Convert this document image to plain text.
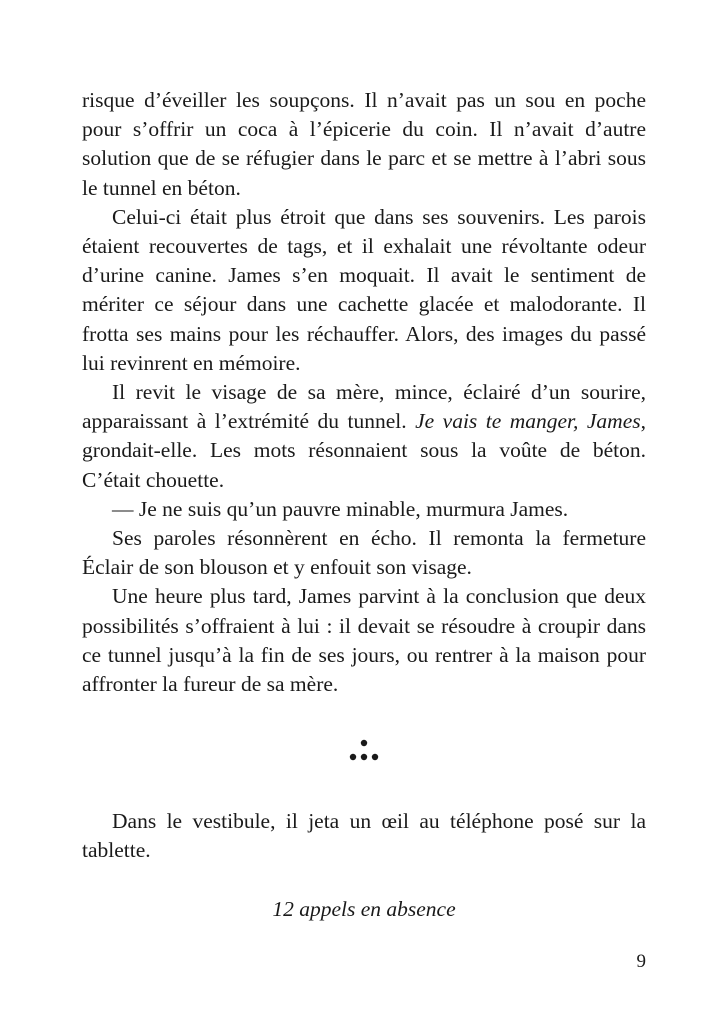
risque d’éveiller les soupçons. Il n’avait pas un sou en poche pour s’offrir un coca à l’épicerie du coin. Il n’avait d’autre solution que de se réfugier dans le parc et se mettre à l’abri sous le tunnel en béton.

Celui-ci était plus étroit que dans ses souvenirs. Les parois étaient recouvertes de tags, et il exhalait une révoltante odeur d’urine canine. James s’en moquait. Il avait le sentiment de mériter ce séjour dans une cachette glacée et malodorante. Il frotta ses mains pour les réchauffer. Alors, des images du passé lui revinrent en mémoire.

Il revit le visage de sa mère, mince, éclairé d’un sourire, apparaissant à l’extrémité du tunnel. Je vais te manger, James, grondait-elle. Les mots résonnaient sous la voûte de béton. C’était chouette.

— Je ne suis qu’un pauvre minable, murmura James.

Ses paroles résonnèrent en écho. Il remonta la fermeture Éclair de son blouson et y enfouit son visage.

Une heure plus tard, James parvint à la conclusion que deux possibilités s’offraient à lui : il devait se résoudre à croupir dans ce tunnel jusqu’à la fin de ses jours, ou rentrer à la maison pour affronter la fureur de sa mère.

Dans le vestibule, il jeta un œil au téléphone posé sur la tablette.

12 appels en absence

9
